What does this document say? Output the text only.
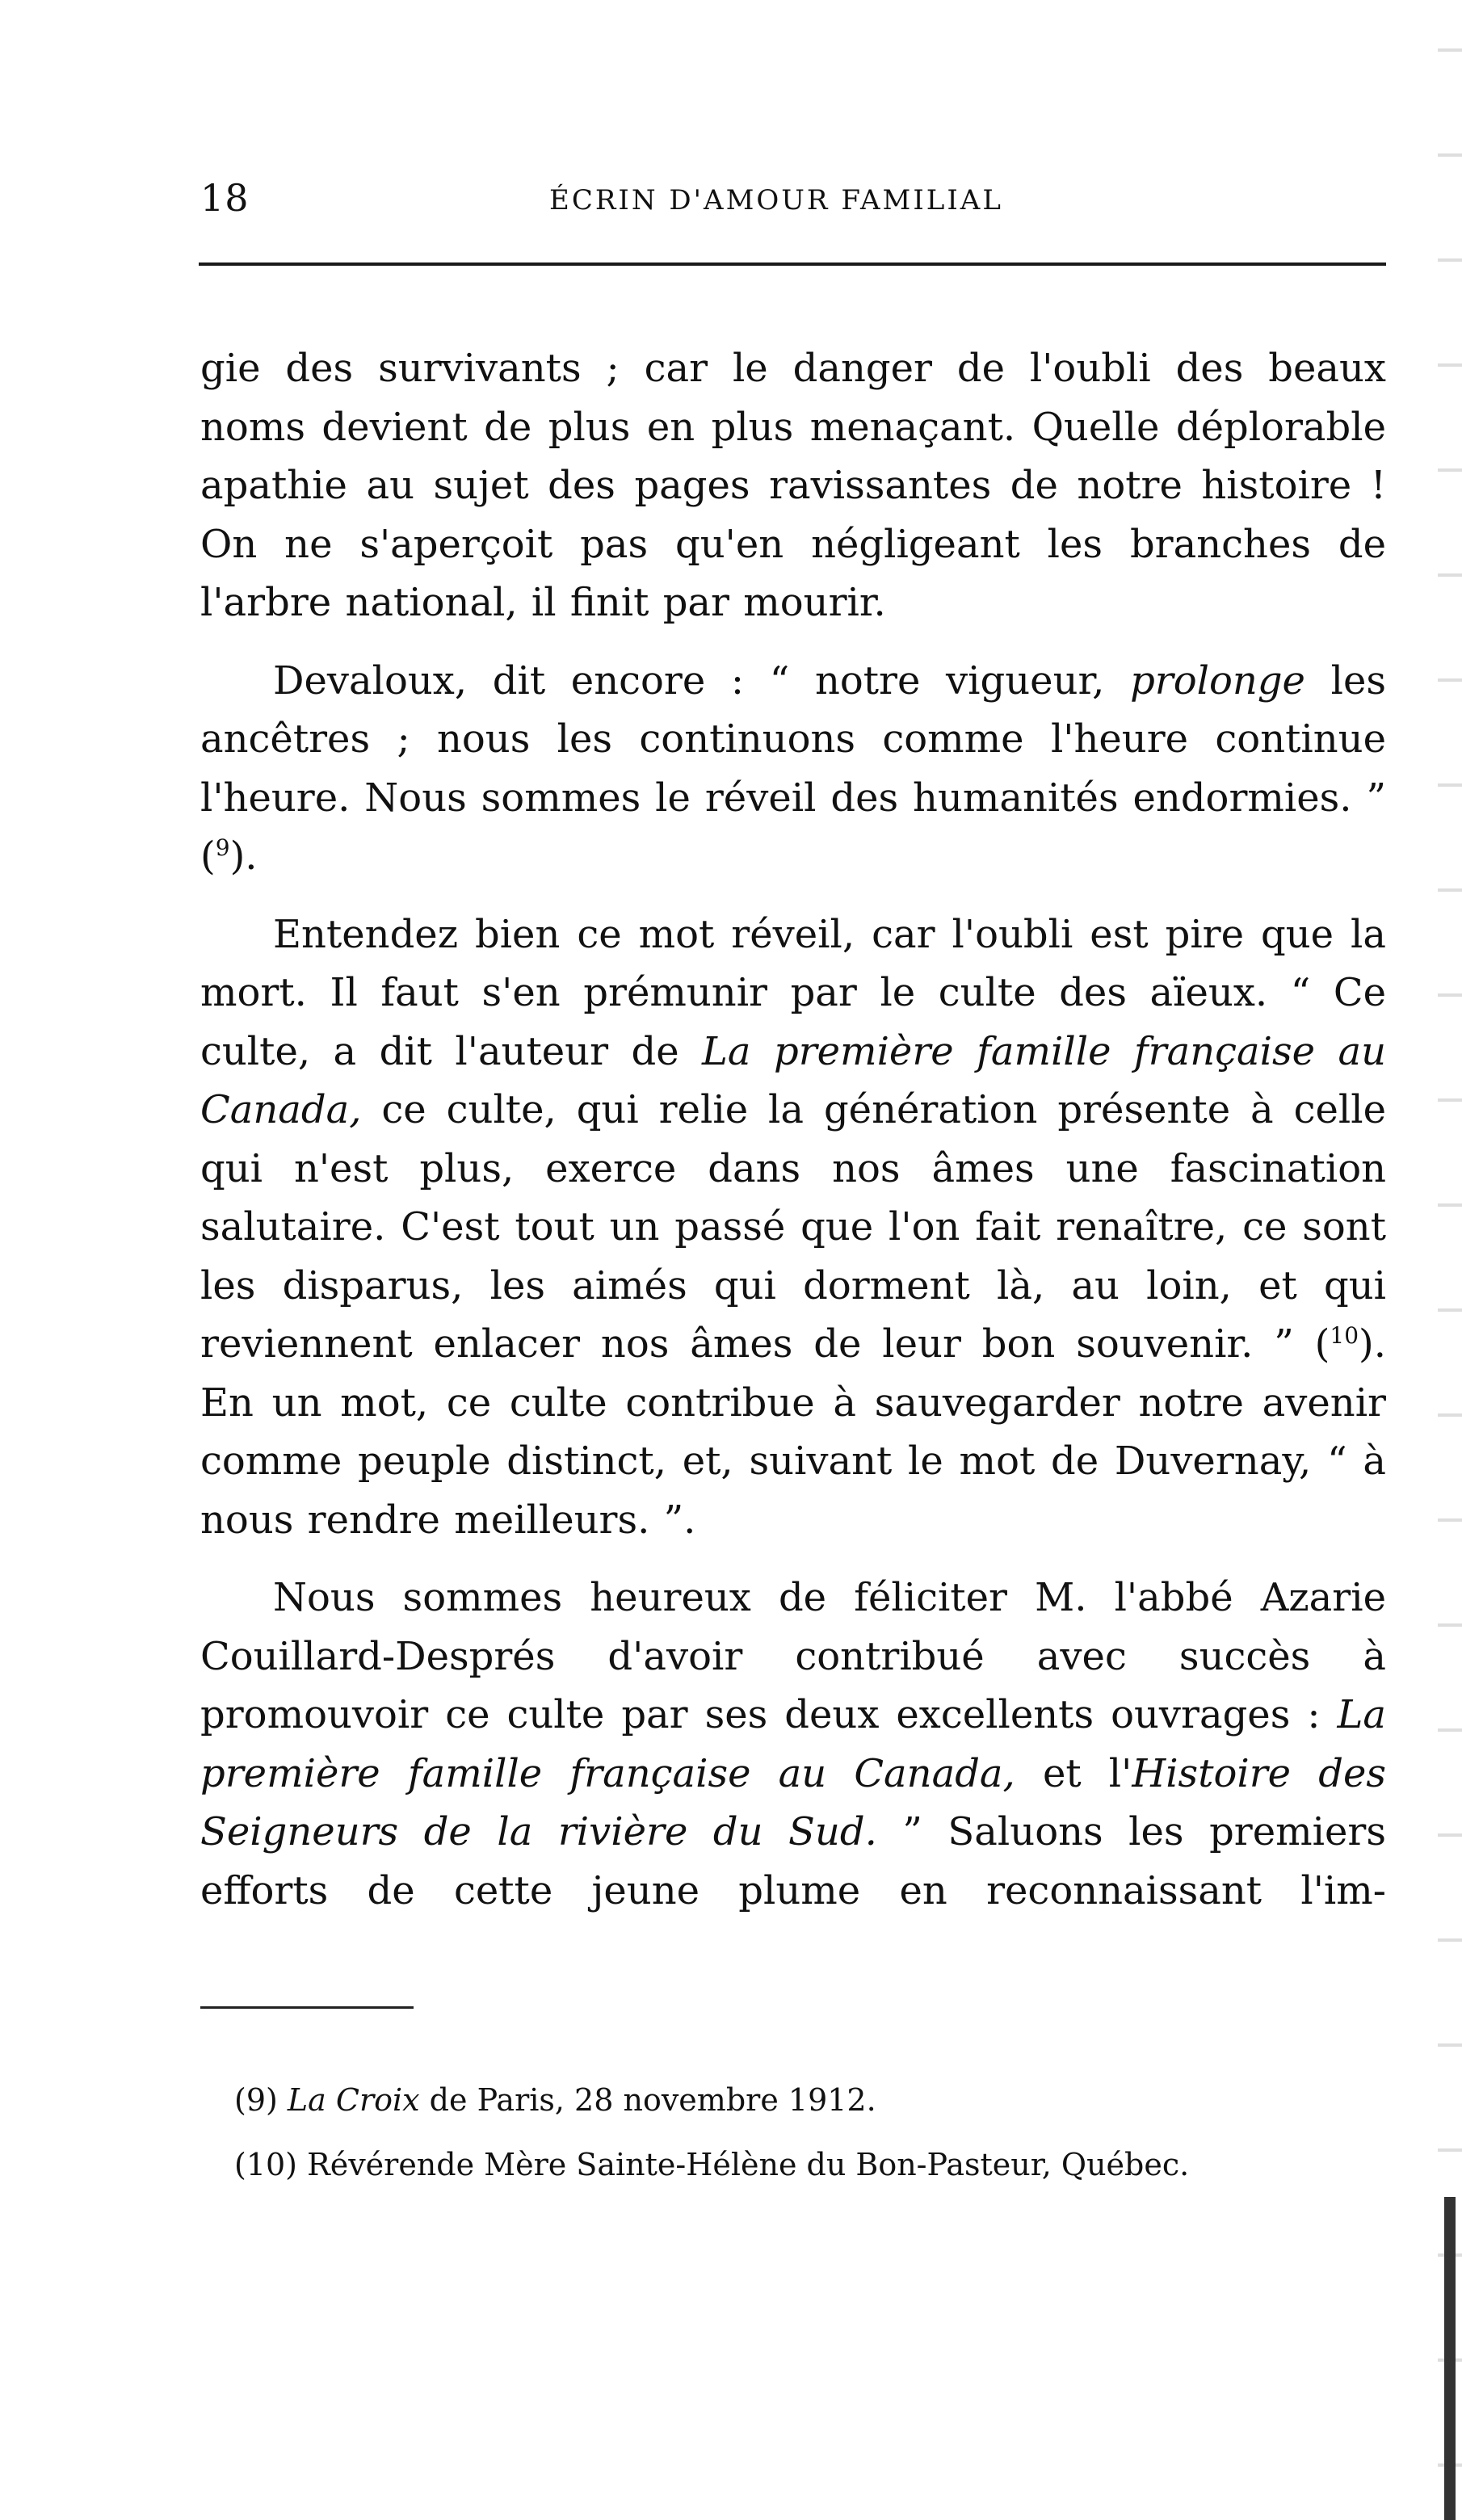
18	ÉCRIN D'AMOUR FAMILIAL

gie des survivants ; car le danger de l'oubli des beaux noms devient de plus en plus menaçant. Quelle déplorable apathie au sujet des pages ravissantes de notre histoire ! On ne s'aperçoit pas qu'en négligeant les branches de l'arbre national, il finit par mourir.

Devaloux, dit encore : “ notre vigueur, prolonge les ancêtres ; nous les continuons comme l'heure continue l'heure. Nous sommes le réveil des humanités endormies. ” ($^9$).

Entendez bien ce mot réveil, car l'oubli est pire que la mort. Il faut s'en prémunir par le culte des aïeux. “ Ce culte, a dit l'auteur de La première famille française au Canada, ce culte, qui relie la génération présente à celle qui n'est plus, exerce dans nos âmes une fascination salutaire. C'est tout un passé que l'on fait renaître, ce sont les disparus, les aimés qui dorment là, au loin, et qui reviennent enlacer nos âmes de leur bon souvenir. ” ($^{10}$). En un mot, ce culte contribue à sauvegarder notre avenir comme peuple distinct, et, suivant le mot de Duvernay, “ à nous rendre meilleurs. ”.

Nous sommes heureux de féliciter M. l'abbé Azarie Couillard-Després d'avoir contribué avec succès à promouvoir ce culte par ses deux excellents ouvrages : La première famille française au Canada, et l'Histoire des Seigneurs de la rivière du Sud. ” Saluons les premiers efforts de cette jeune plume en reconnaissant l'im-

(9) La Croix de Paris, 28 novembre 1912.
(10) Révérende Mère Sainte-Hélène du Bon-Pasteur, Québec.
